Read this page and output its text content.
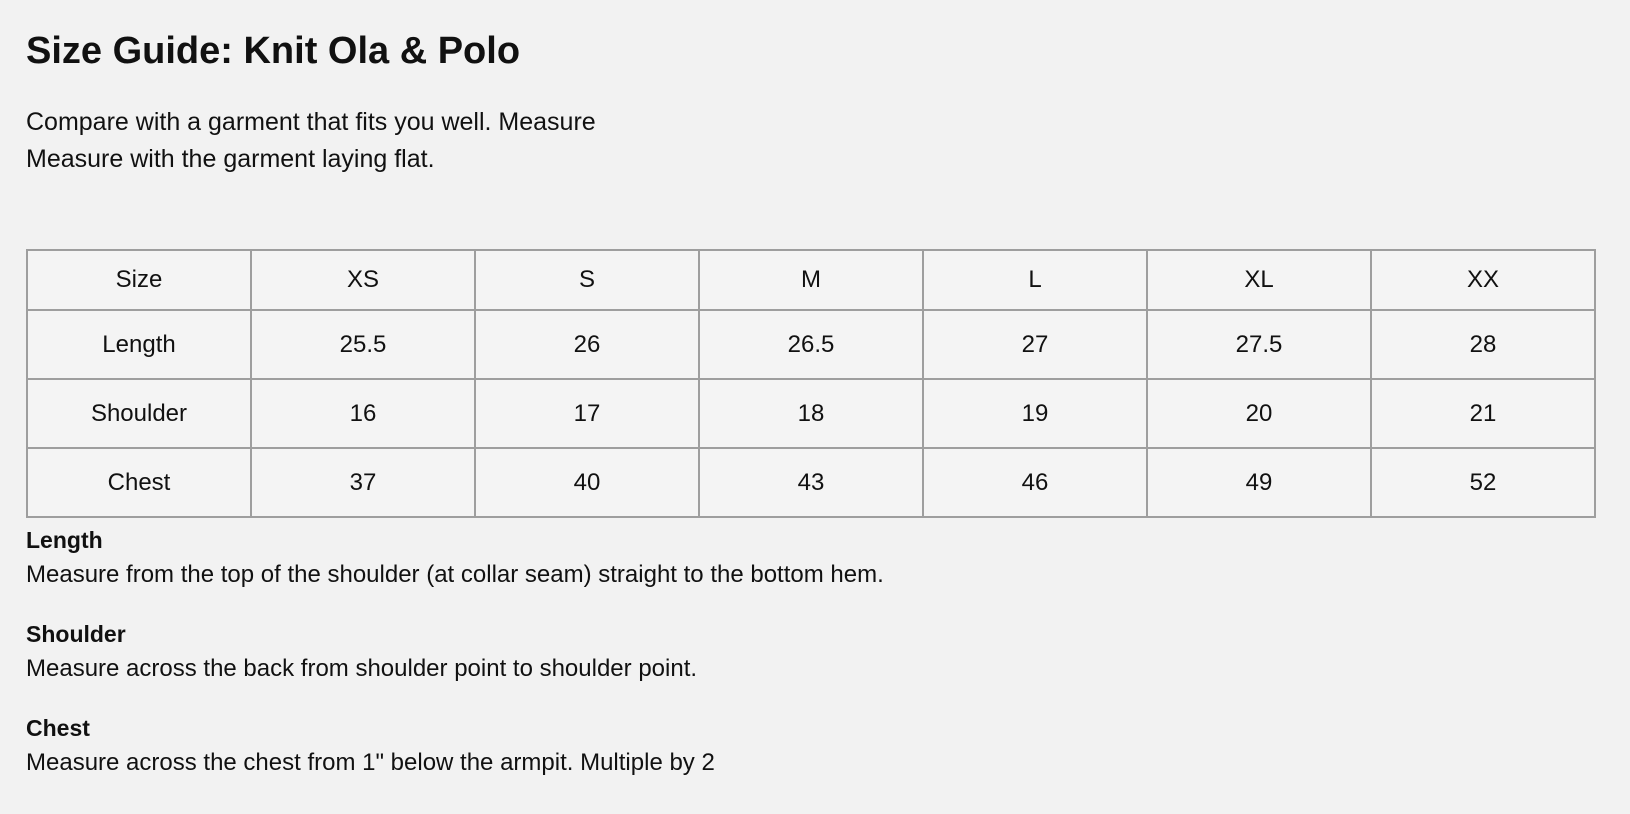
Size Guide: Knit Ola & Polo
Compare with a garment that fits you well. Measure
Measure with the garment laying flat.
Size	XS	S	M	L	XL	XX
Length	25.5	26	26.5	27	27.5	28
Shoulder	16	17	18	19	20	21
Chest	37	40	43	46	49	52
Length
Measure from the top of the shoulder (at collar seam) straight to the bottom hem.
Shoulder
Measure across the back from shoulder point to shoulder point.
Chest
Measure across the chest from 1" below the armpit. Multiple by 2
